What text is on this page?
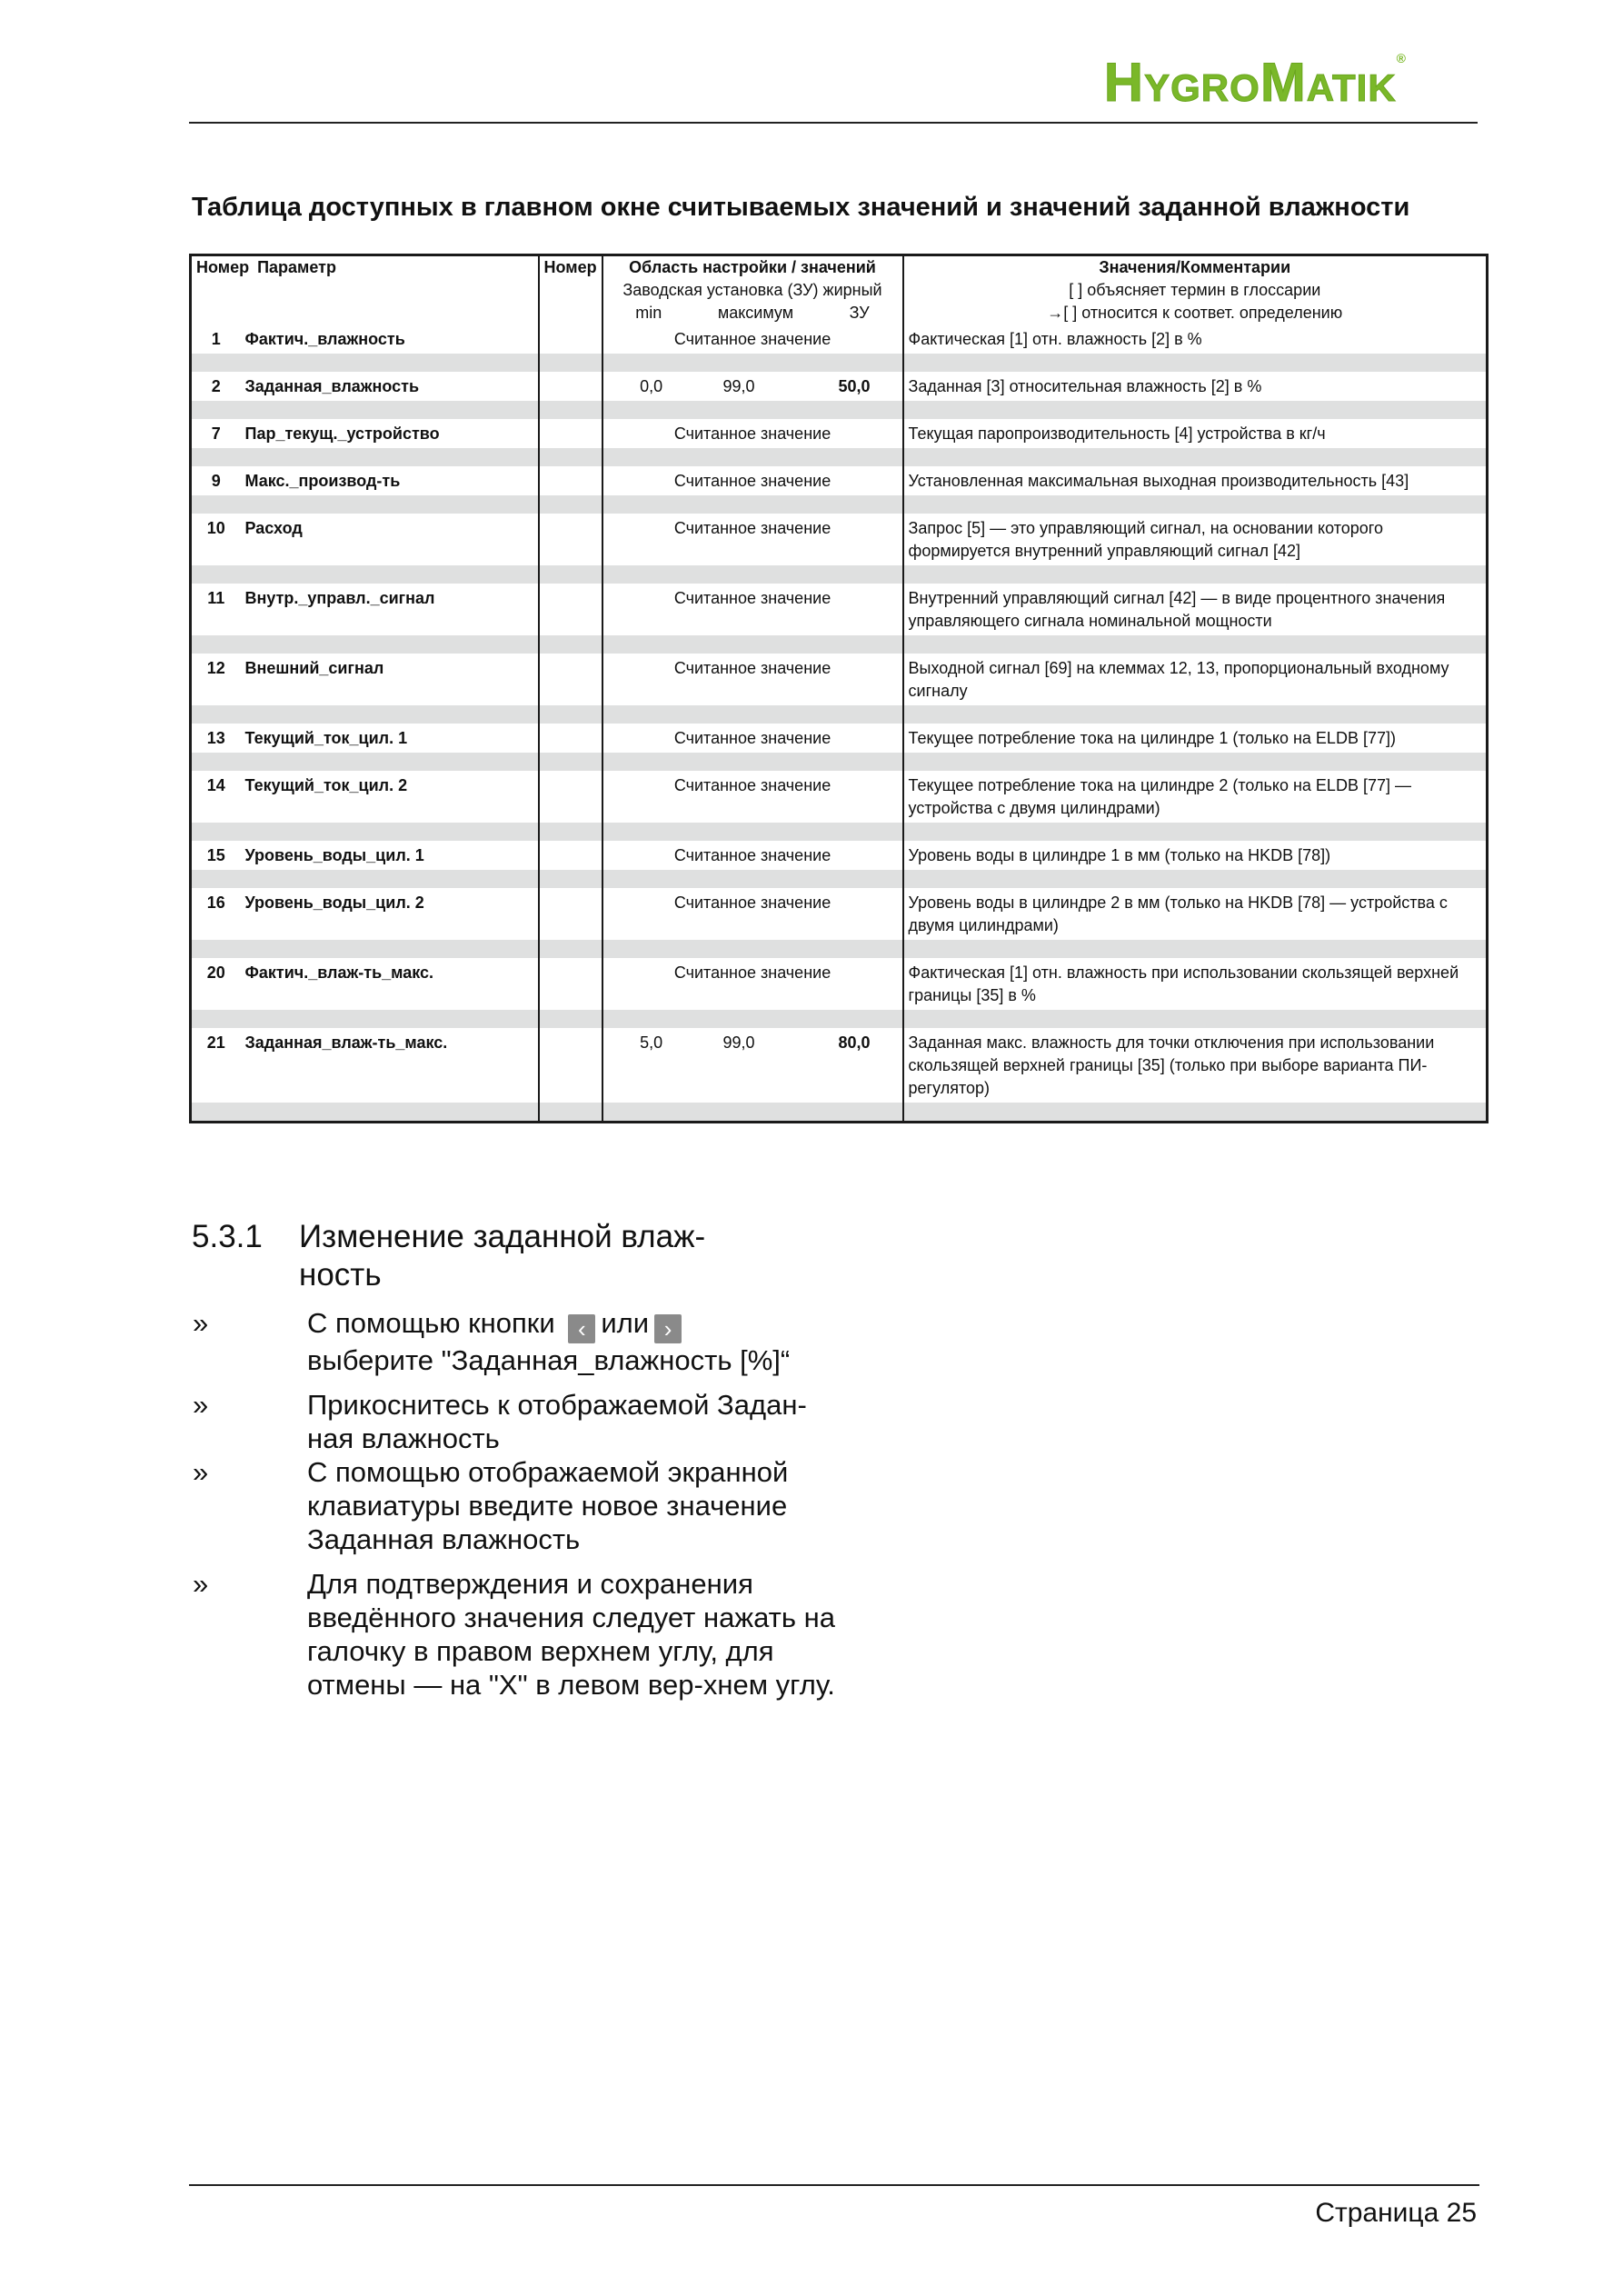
HYGROMATIK®
Таблица доступных в главном окне считываемых значений и значений заданной влажности
Номер Параметр		Номер	Область настройки / значений
Заводская установка (ЗУ) жирный
min максимум ЗУ	Значения/Комментарии
[ ] объясняет термин в глоссарии
→[ ] относится к соответ. определению

1	Фактич._влажность		Считанное значение	Фактическая [1] отн. влажность [2] в %

2	Заданная_влажность		0,0 99,0 50,0	Заданная [3] относительная влажность [2] в %

7	Пар_текущ._устройство		Считанное значение	Текущая паропроизводительность [4] устройства в кг/ч

9	Макс._производ-ть		Считанное значение	Установленная максимальная выходная производительность [43]

10	Расход		Считанное значение	Запрос [5] — это управляющий сигнал, на основании которого формируется внутренний управляющий сигнал [42]

11	Внутр._управл._сигнал		Считанное значение	Внутренний управляющий сигнал [42] — в виде процентного значения управляющего сигнала номинальной мощности

12	Внешний_сигнал		Считанное значение	Выходной сигнал [69] на клеммах 12, 13, пропорциональный входному сигналу

13	Текущий_ток_цил. 1		Считанное значение	Текущее потребление тока на цилиндре 1 (только на ELDB [77])

14	Текущий_ток_цил. 2		Считанное значение	Текущее потребление тока на цилиндре 2 (только на ELDB [77] — устройства с двумя цилиндрами)

15	Уровень_воды_цил. 1		Считанное значение	Уровень воды в цилиндре 1 в мм (только на HKDB [78])

16	Уровень_воды_цил. 2		Считанное значение	Уровень воды в цилиндре 2 в мм (только на HKDB [78] — устройства с двумя цилиндрами)

20	Фактич._влаж-ть_макс.		Считанное значение	Фактическая [1] отн. влажность при использовании скользящей верхней границы [35] в %

21	Заданная_влаж-ть_макс.		5,0 99,0 80,0	Заданная макс. влажность для точки отключения при использовании скользящей верхней границы [35] (только при выборе варианта ПИ-регулятор)

5.3.1 Изменение заданной влаж-ность
»	С помощью кнопки ‹ или ›
выберите "Заданная_влажность [%]“
»	Прикоснитесь к отображаемой Задан-ная влажность
»	С помощью отображаемой экранной клавиатуры введите новое значение Заданная влажность
»	Для подтверждения и сохранения введённого значения следует нажать на галочку в правом верхнем углу, для отмены — на "X" в левом вер-хнем углу.
Страница 25
